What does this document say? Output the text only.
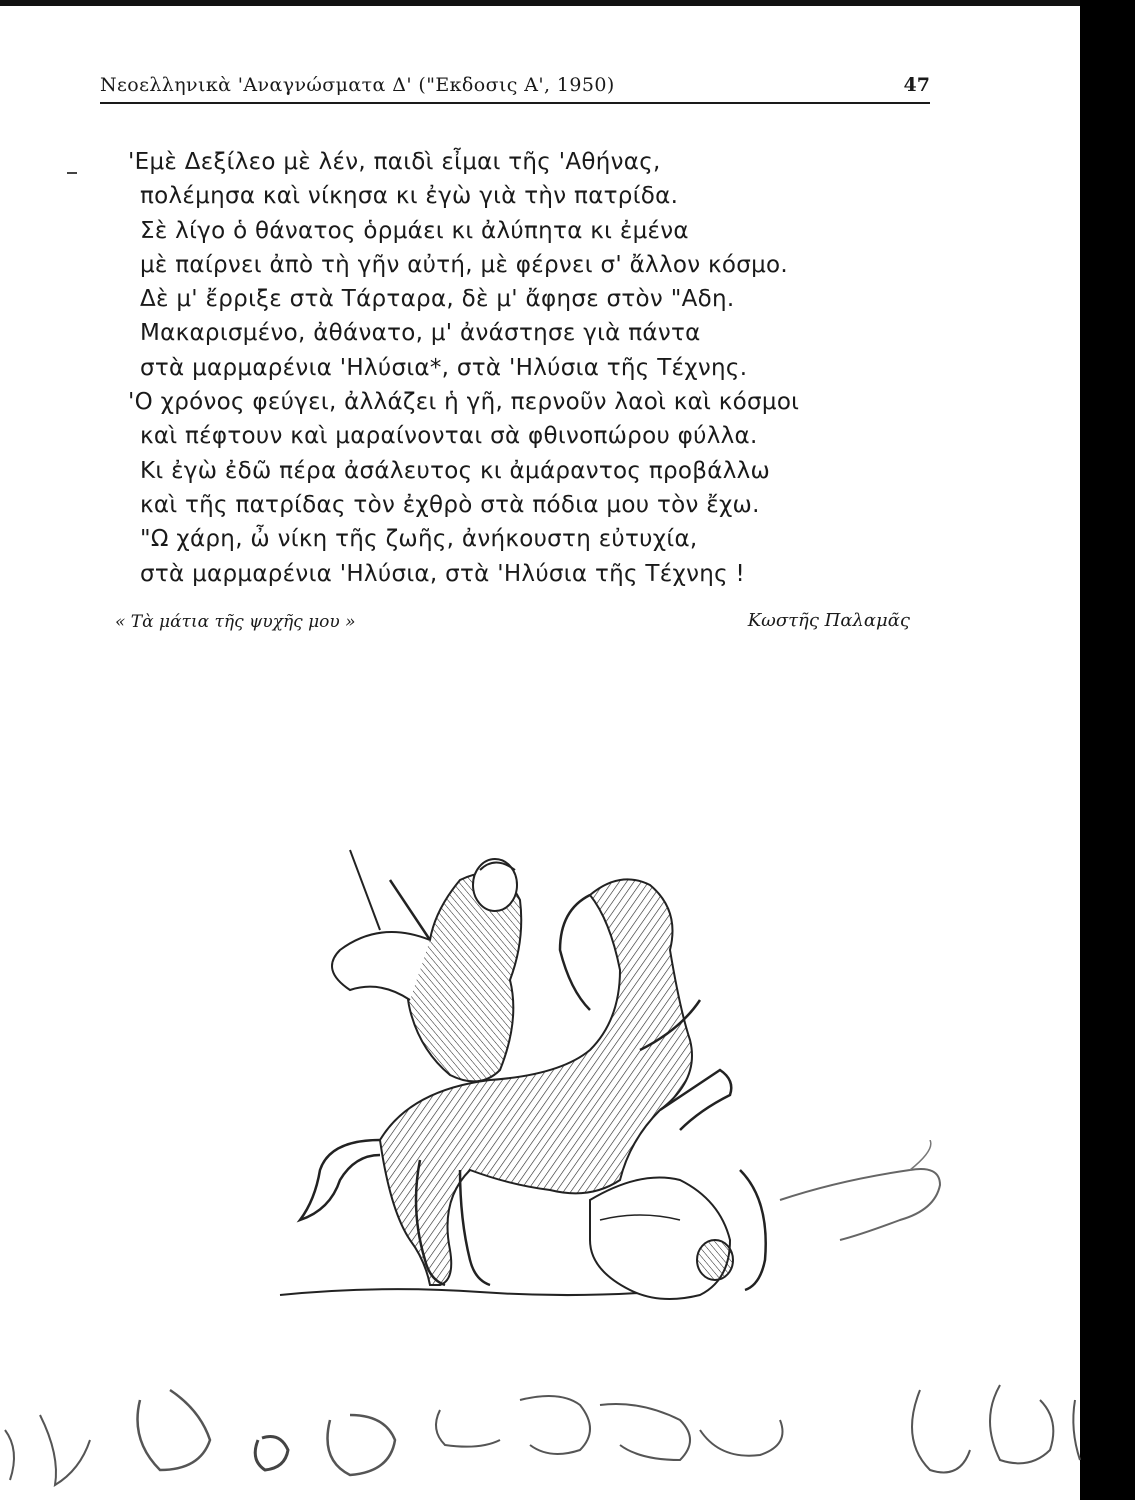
Νεοελληνικὰ 'Αναγνώσματα Δ' ("Εκδοσις Α', 1950)	47
'Εμὲ Δεξίλεο μὲ λέν, παιδὶ εἶμαι τῆς 'Αθήνας,
πολέμησα καὶ νίκησα κι ἐγὼ γιὰ τὴν πατρίδα.
Σὲ λίγο ὁ θάνατος ὁρμάει κι ἀλύπητα κι ἐμένα
μὲ παίρνει ἀπὸ τὴ γῆν αὐτή, μὲ φέρνει σ' ἄλλον κόσμο.
Δὲ μ' ἔρριξε στὰ Τάρταρα, δὲ μ' ἄφησε στὸν "Αδη.
Μακαρισμένο, ἀθάνατο, μ' ἀνάστησε γιὰ πάντα
στὰ μαρμαρένια 'Ηλύσια*, στὰ 'Ηλύσια τῆς Τέχνης.
'Ο χρόνος φεύγει, ἀλλάζει ἡ γῆ, περνοῦν λαοὶ καὶ κόσμοι
καὶ πέφτουν καὶ μαραίνονται σὰ φθινοπώρου φύλλα.
Κι ἐγὼ ἐδῶ πέρα ἀσάλευτος κι ἀμάραντος προβάλλω
καὶ τῆς πατρίδας τὸν ἐχθρὸ στὰ πόδια μου τὸν ἔχω.
"Ω χάρη, ὦ νίκη τῆς ζωῆς, ἀνήκουστη εὐτυχία,
στὰ μαρμαρένια 'Ηλύσια, στὰ 'Ηλύσια τῆς Τέχνης !
« Τὰ μάτια τῆς ψυχῆς μου »	Κωστῆς Παλαμᾶς
